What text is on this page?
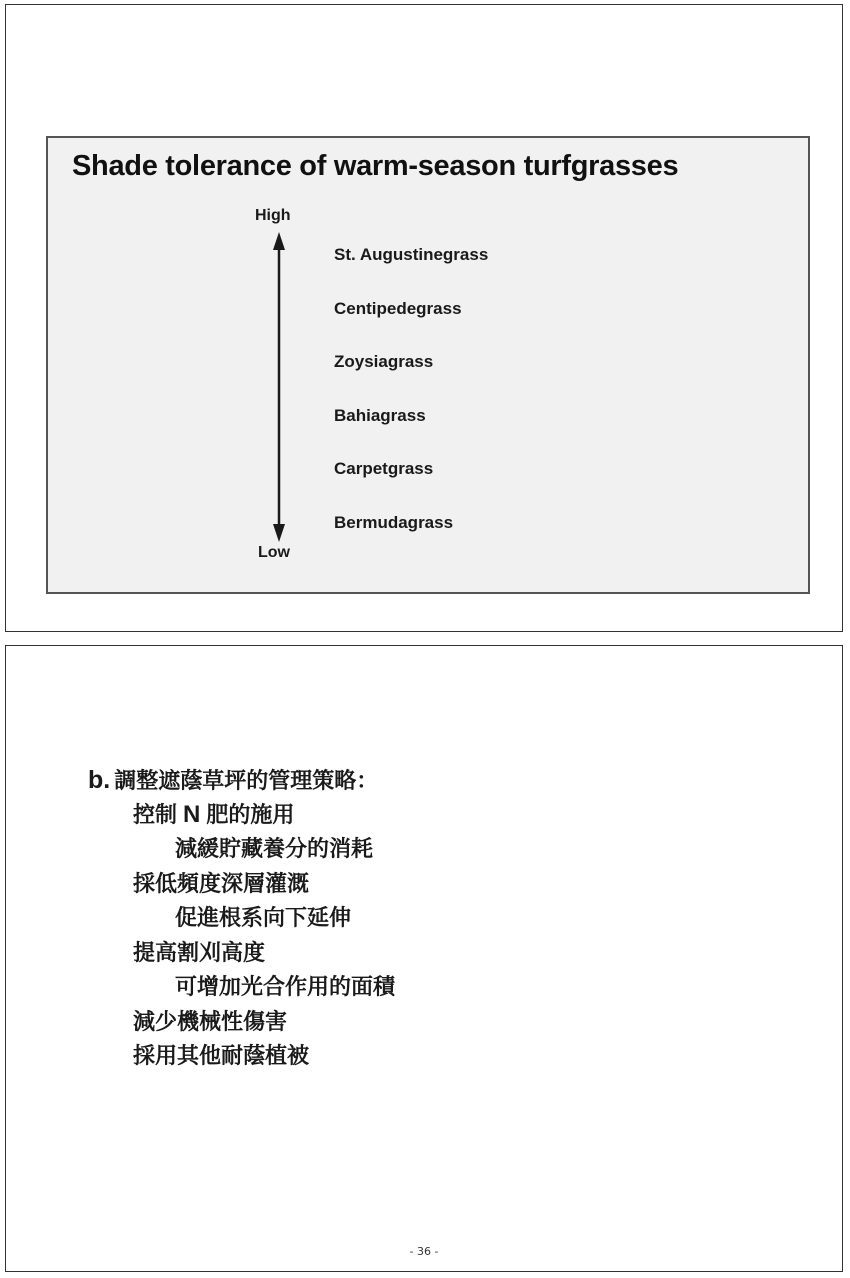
Shade tolerance of warm-season turfgrasses
High
St. Augustinegrass
Centipedegrass
Zoysiagrass
Bahiagrass
Carpetgrass
Bermudagrass
Low
b. 調整遮蔭草坪的管理策略：
控制 N 肥的施用
減緩貯藏養分的消耗
採低頻度深層灌溉
促進根系向下延伸
提高割刈高度
可增加光合作用的面積
減少機械性傷害
採用其他耐蔭植被
- 36 -
